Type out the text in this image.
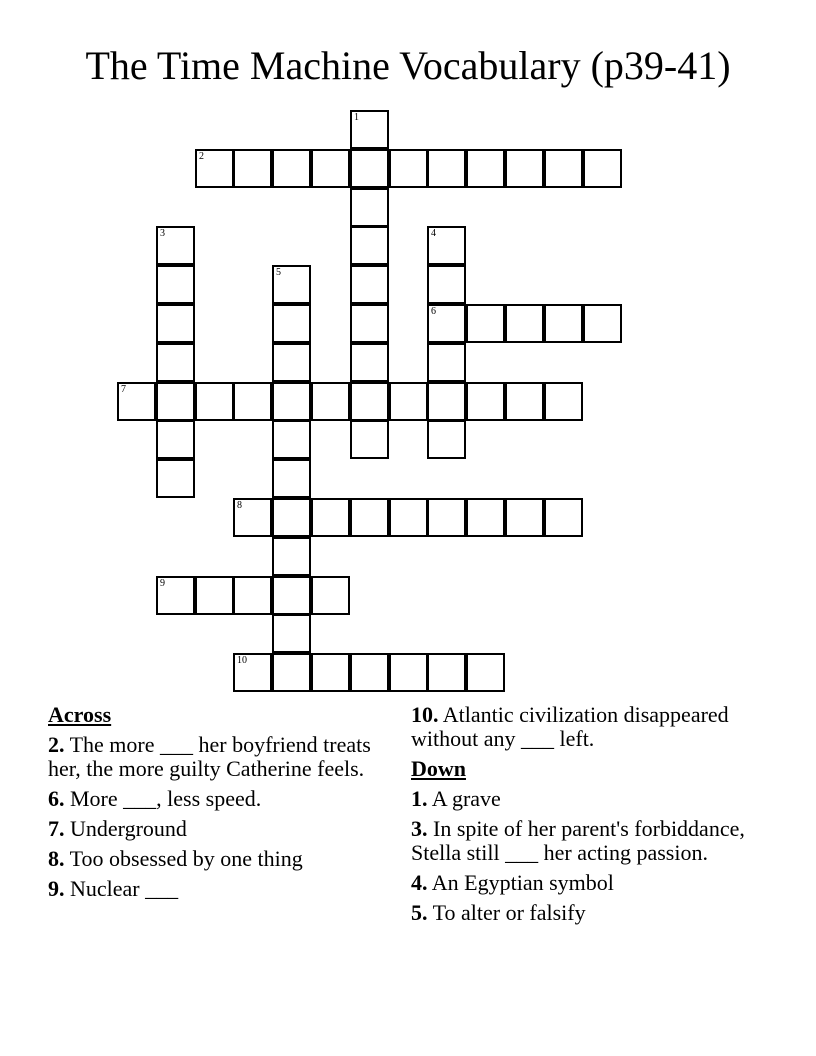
The Time Machine Vocabulary (p39-41)
2
6
7
8
9
10
1
3	4
5
Across
2. The more ___ her boyfriend treats her, the more guilty Catherine feels.
6. More ___, less speed.
7. Underground
8. Too obsessed by one thing
9. Nuclear ___
10. Atlantic civilization disappeared without any ___ left.
Down
1. A grave
3. In spite of her parent's forbiddance, Stella still ___ her acting passion.
4. An Egyptian symbol
5. To alter or falsify
